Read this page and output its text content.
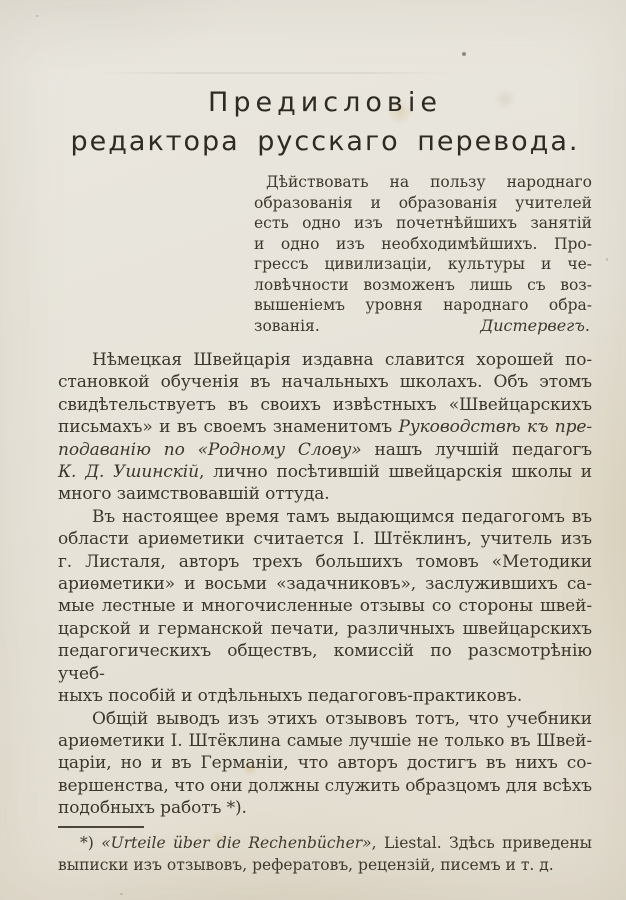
Предисловіе
редактора русскаго перевода.
Дѣйствовать на пользу народнаго
образованія и образованія учителей
есть одно изъ почетнѣйшихъ занятій
и одно изъ необходимѣйшихъ. Про-
грессъ цивилизаціи, культуры и че-
ловѣчности возможенъ лишь съ воз-
вышеніемъ уровня народнаго обра-
зованія.	Дистервегъ.
Нѣмецкая Швейцарія издавна славится хорошей по-
становкой обученія въ начальныхъ школахъ. Объ этомъ
свидѣтельствуетъ въ своихъ извѣстныхъ «Швейцарскихъ
письмахъ» и въ своемъ знаменитомъ Руководствѣ къ пре-
подаванію по «Родному Слову» нашъ лучшій педагогъ
К. Д. Ушинскій, лично посѣтившій швейцарскія школы и
много заимствовавшій оттуда.
Въ настоящее время тамъ выдающимся педагогомъ въ
области ариѳметики считается І. Штёклинъ, учитель изъ
г. Листаля, авторъ трехъ большихъ томовъ «Методики
ариѳметики» и восьми «задачниковъ», заслужившихъ са-
мые лестные и многочисленные отзывы со стороны швей-
царской и германской печати, различныхъ швейцарскихъ
педагогическихъ обществъ, комиссій по разсмотрѣнію учеб-
ныхъ пособій и отдѣльныхъ педагоговъ-практиковъ.
Общій выводъ изъ этихъ отзывовъ тотъ, что учебники
ариѳметики І. Штёклина самые лучшіе не только въ Швей-
царіи, но и въ Германіи, что авторъ достигъ въ нихъ со-
вершенства, что они должны служить образцомъ для всѣхъ
подобныхъ работъ *).
*) «Urteile über die Rechenbücher», Liestal. Здѣсь приведены
выписки изъ отзывовъ, рефератовъ, рецензій, писемъ и т. д.
